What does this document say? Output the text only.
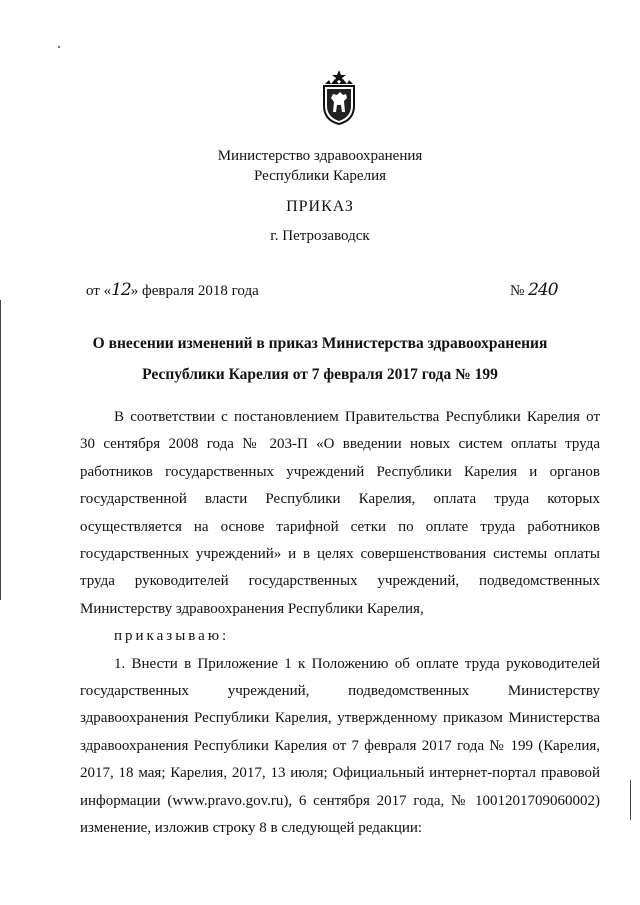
Министерство здравоохранения
Республики Карелия
ПРИКАЗ
г. Петрозаводск
от «12» февраля 2018 года	№ 240
О внесении изменений в приказ Министерства здравоохранения
Республики Карелия от 7 февраля 2017 года № 199

В соответствии с постановлением Правительства Республики Карелия от 30 сентября 2008 года № 203-П «О введении новых систем оплаты труда работников государственных учреждений Республики Карелия и органов государственной власти Республики Карелия, оплата труда которых осуществляется на основе тарифной сетки по оплате труда работников государственных учреждений» и в целях совершенствования системы оплаты труда руководителей государственных учреждений, подведомственных Министерству здравоохранения Республики Карелия,

приказываю:

1. Внести в Приложение 1 к Положению об оплате труда руководителей государственных учреждений, подведомственных Министерству здравоохранения Республики Карелия, утвержденному приказом Министерства здравоохранения Республики Карелия от 7 февраля 2017 года № 199 (Карелия, 2017, 18 мая; Карелия, 2017, 13 июля; Официальный интернет-портал правовой информации (www.pravo.gov.ru), 6 сентября 2017 года, № 1001201709060002) изменение, изложив строку 8 в следующей редакции:
